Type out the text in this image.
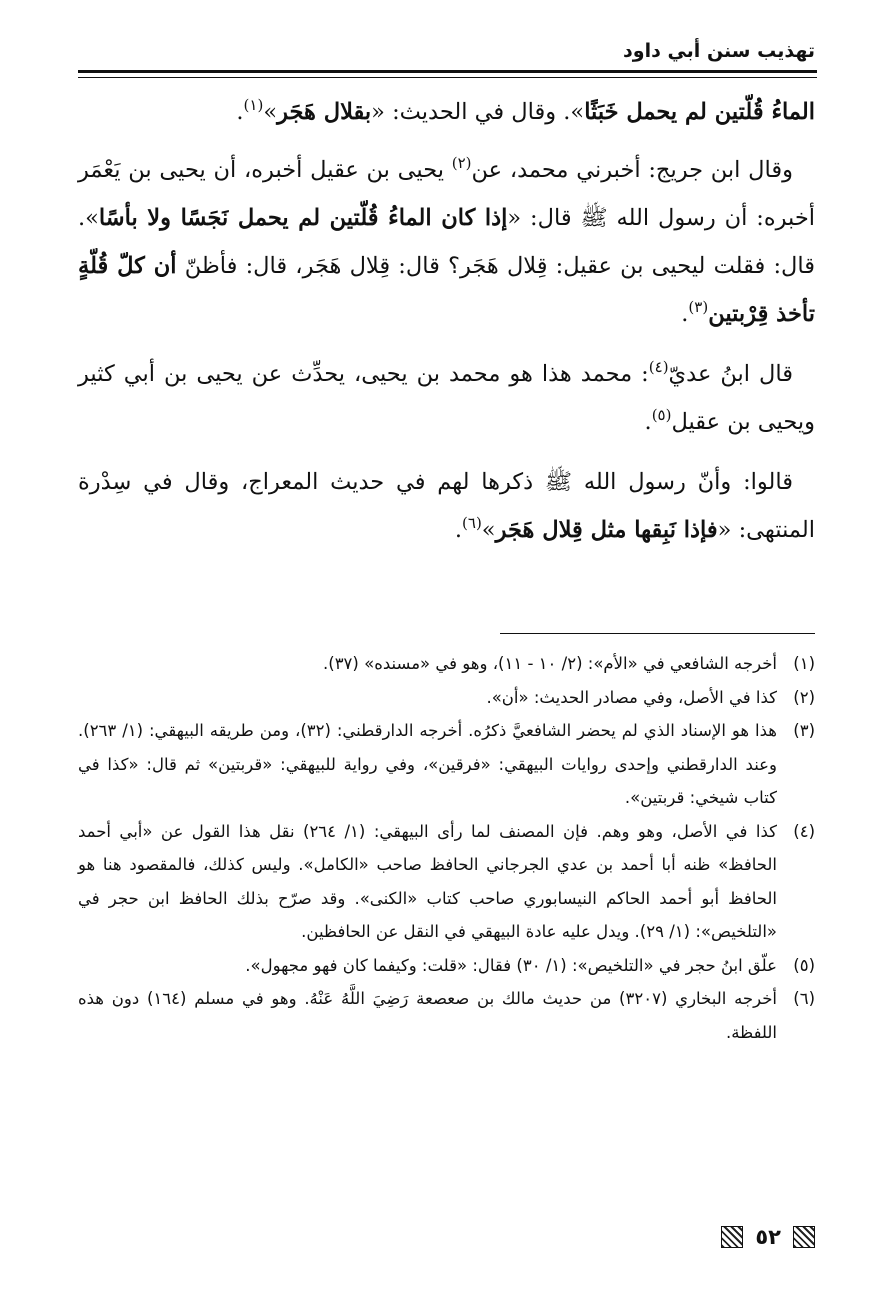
تهذيب سنن أبي داود

الماءُ قُلّتين لم يحمل خَبَثًا». وقال في الحديث: «بقلال هَجَر»$^{(١)}$.

وقال ابن جريج: أخبرني محمد، عن$^{(٢)}$ يحيى بن عقيل أخبره، أن يحيى بن يَعْمَر أخبره: أن رسول الله ﷺ قال: «إذا كان الماءُ قُلّتين لم يحمل نَجَسًا ولا بأسًا». قال: فقلت ليحيى بن عقيل: قِلال هَجَر؟ قال: قِلال هَجَر، قال: فأظنّ أن كلّ قُلّةٍ تأخذ قِرْبتين$^{(٣)}$.

قال ابنُ عديّ$^{(٤)}$: محمد هذا هو محمد بن يحيى، يحدِّث عن يحيى بن أبي كثير ويحيى بن عقيل$^{(٥)}$.

قالوا: وأنّ رسول الله ﷺ ذكرها لهم في حديث المعراج، وقال في سِدْرة المنتهى: «فإذا نَبِقها مثل قِلال هَجَر»$^{(٦)}$.

(١)
أخرجه الشافعي في «الأم»: (٢/ ١٠ - ١١)، وهو في «مسنده» (٣٧).
(٢)
كذا في الأصل، وفي مصادر الحديث: «أن».
(٣)
هذا هو الإسناد الذي لم يحضر الشافعيَّ ذكرُه. أخرجه الدارقطني: (٣٢)، ومن طريقه البيهقي: (١/ ٢٦٣). وعند الدارقطني وإحدى روايات البيهقي: «فرقين»، وفي رواية للبيهقي: «قربتين» ثم قال: «كذا في كتاب شيخي: قربتين».
(٤)
كذا في الأصل، وهو وهم. فإن المصنف لما رأى البيهقي: (١/ ٢٦٤) نقل هذا القول عن «أبي أحمد الحافظ» ظنه أبا أحمد بن عدي الجرجاني الحافظ صاحب «الكامل». وليس كذلك، فالمقصود هنا هو الحافظ أبو أحمد الحاكم النيسابوري صاحب كتاب «الكنى». وقد صرّح بذلك الحافظ ابن حجر في «التلخيص»: (١/ ٢٩). ويدل عليه عادة البيهقي في النقل عن الحافظين.
(٥)
علّق ابنُ حجر في «التلخيص»: (١/ ٣٠) فقال: «قلت: وكيفما كان فهو مجهول».
(٦)
أخرجه البخاري (٣٢٠٧) من حديث مالك بن صعصعة رَضِيَ اللَّهُ عَنْهُ. وهو في مسلم (١٦٤) دون هذه اللفظة.
٥٢
